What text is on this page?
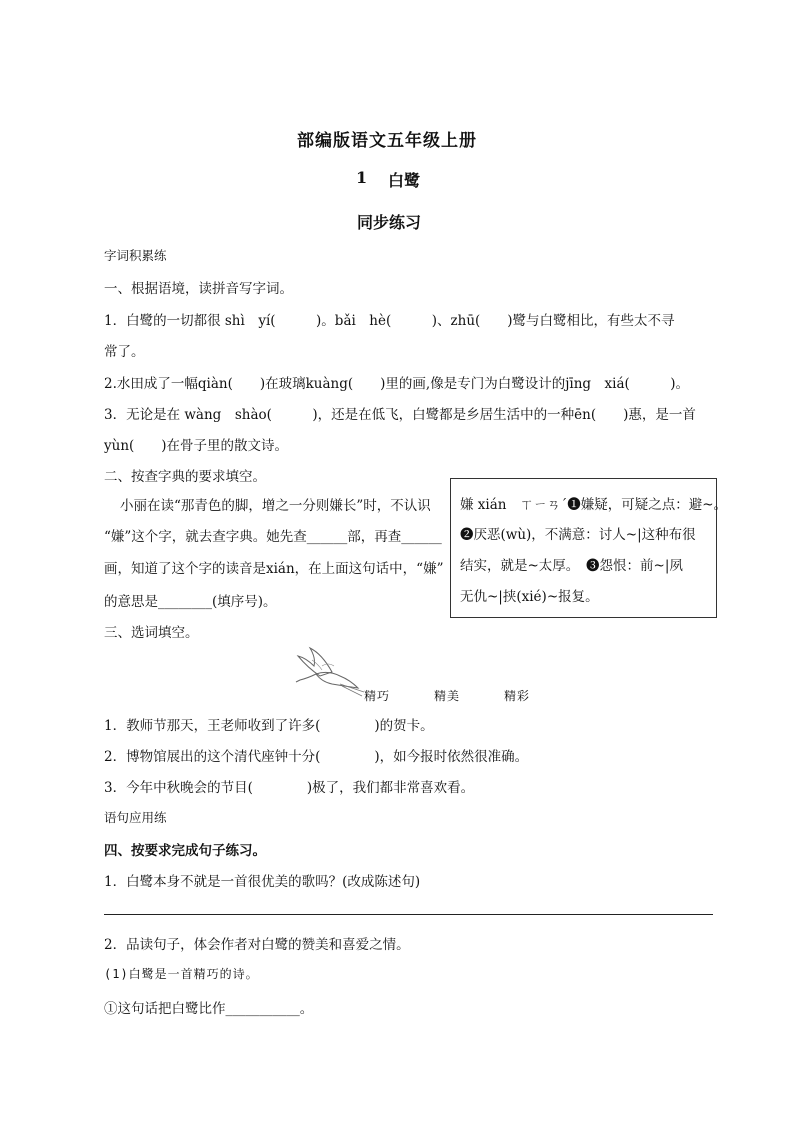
部编版语文五年级上册
1 白鹭
同步练习
字词积累练
一、根据语境，读拼音写字词。
1．白鹭的一切都很 shì　yí(　　　)。bǎi　hè(　　　)、zhū(　　)鹭与白鹭相比，有些太不寻
常了。
2.水田成了一幅qiàn(　　)在玻璃kuàng(　　)里的画,像是专门为白鹭设计的jīng　xiá(　　　)。
3．无论是在 wàng　shào(　　　)，还是在低飞，白鹭都是乡居生活中的一种ēn(　　)惠，是一首
yùn(　　)在骨子里的散文诗。
二、按查字典的要求填空。
小丽在读“那青色的脚，增之一分则嫌长”时，不认识
“嫌”这个字，就去查字典。她先查______部，再查______
画，知道了这个字的读音是xián，在上面这句话中，“嫌”
的意思是________(填序号)。
嫌 xián　ㄒㄧㄢˊ❶嫌疑，可疑之点：避~。
❷厌恶(wù)，不满意：讨人~|这种布很
结实，就是~太厚。　❸怨恨：前~|夙
无仇~|挟(xié)~报复。
三、选词填空。
精巧	精美	精彩
1．教师节那天，王老师收到了许多(　　　　)的贺卡。
2．博物馆展出的这个清代座钟十分(　　　　)，如今报时依然很准确。
3．今年中秋晚会的节目(　　　　)极了，我们都非常喜欢看。
语句应用练
四、按要求完成句子练习。
1．白鹭本身不就是一首很优美的歌吗？(改成陈述句)
2．品读句子，体会作者对白鹭的赞美和喜爱之情。
(1)白鹭是一首精巧的诗。
①这句话把白鹭比作___________。
